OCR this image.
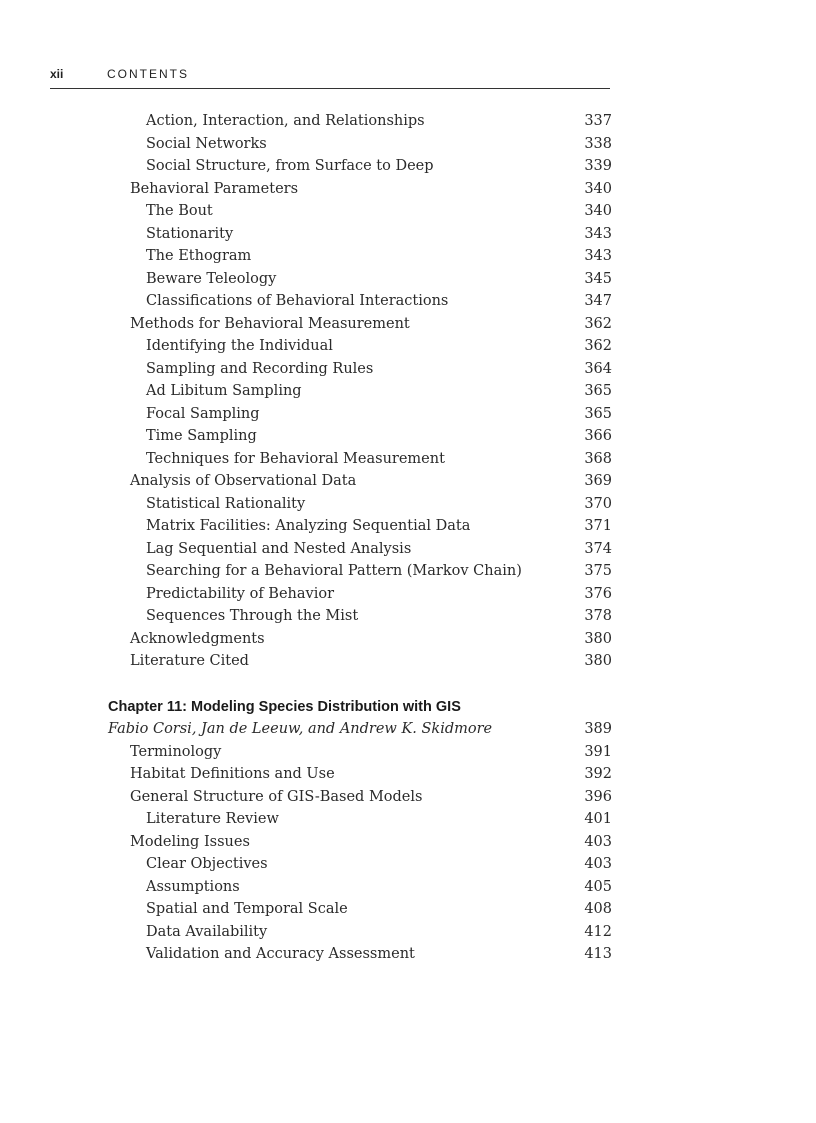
xii	CONTENTS
Action, Interaction, and Relationships	337
Social Networks	338
Social Structure, from Surface to Deep	339
Behavioral Parameters	340
The Bout	340
Stationarity	343
The Ethogram	343
Beware Teleology	345
Classifications of Behavioral Interactions	347
Methods for Behavioral Measurement	362
Identifying the Individual	362
Sampling and Recording Rules	364
Ad Libitum Sampling	365
Focal Sampling	365
Time Sampling	366
Techniques for Behavioral Measurement	368
Analysis of Observational Data	369
Statistical Rationality	370
Matrix Facilities: Analyzing Sequential Data	371
Lag Sequential and Nested Analysis	374
Searching for a Behavioral Pattern (Markov Chain)	375
Predictability of Behavior	376
Sequences Through the Mist	378
Acknowledgments	380
Literature Cited	380
Chapter 11: Modeling Species Distribution with GIS
Fabio Corsi, Jan de Leeuw, and Andrew K. Skidmore	389
Terminology	391
Habitat Definitions and Use	392
General Structure of GIS-Based Models	396
Literature Review	401
Modeling Issues	403
Clear Objectives	403
Assumptions	405
Spatial and Temporal Scale	408
Data Availability	412
Validation and Accuracy Assessment	413
